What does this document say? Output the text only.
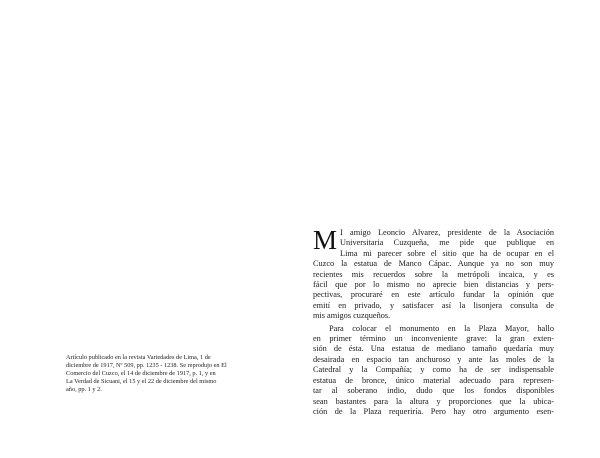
Artículo publicado en la revista Variedades de Lima, 1 de
diciembre de 1917, Nº 509, pp. 1235 - 1238. Se reprodujo en El
Comercio del Cuzco, el 14 de diciembre de 1917, p. 1, y en
La Verdad de Sicuani, el 15 y el 22 de diciembre del mismo
año, pp. 1 y 2.
M I amigo Leoncio Alvarez, presidente de la Asociación
Universitaria Cuzqueña, me pide que publique en
Lima mi parecer sobre el sitio que ha de ocupar en el
Cuzco la estatua de Manco Cápac. Aunque ya no son muy
recientes mis recuerdos sobre la metrópoli incaica, y es
fácil que por lo mismo no aprecie bien distancias y pers-
pectivas, procuraré en este artículo fundar la opinión que
emití en privado, y satisfacer así la lisonjera consulta de
mis amigos cuzqueños.
Para colocar el monumento en la Plaza Mayor, hallo
en primer término un inconveniente grave: la gran exten-
sión de ésta. Una estatua de mediano tamaño quedaría muy
desairada en espacio tan anchuroso y ante las moles de la
Catedral y la Compañía; y como ha de ser indispensable
estatua de bronce, único material adecuado para represen-
tar al soberano indio, dudo que los fondos disponibles
sean bastantes para la altura y proporciones que la ubica-
ción de la Plaza requeriría. Pero hay otro argumento esen-
